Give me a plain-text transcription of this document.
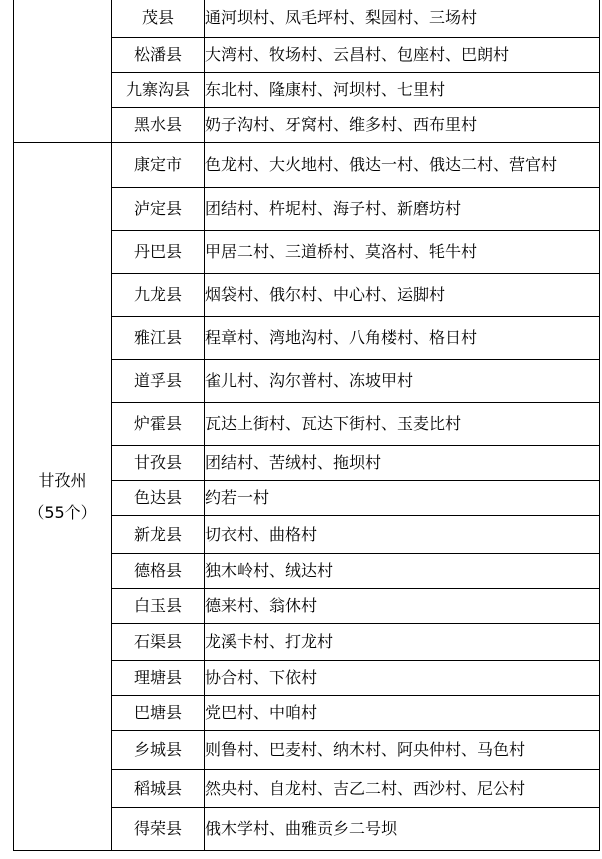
	茂县	通河坝村、凤毛坪村、梨园村、三场村
	松潘县	大湾村、牧场村、云昌村、包座村、巴朗村
	九寨沟县	东北村、隆康村、河坝村、七里村
	黑水县	奶子沟村、牙窝村、维多村、西布里村

甘孜州
（55个）	康定市	色龙村、大火地村、俄达一村、俄达二村、营官村
	泸定县	团结村、杵坭村、海子村、新磨坊村
	丹巴县	甲居二村、三道桥村、莫洛村、牦牛村
	九龙县	烟袋村、俄尔村、中心村、运脚村
	雅江县	程章村、湾地沟村、八角楼村、格日村
	道孚县	雀儿村、沟尔普村、冻坡甲村
	炉霍县	瓦达上街村、瓦达下街村、玉麦比村
	甘孜县	团结村、苦绒村、拖坝村
	色达县	约若一村
	新龙县	切衣村、曲格村
	德格县	独木岭村、绒达村
	白玉县	德来村、翁休村
	石渠县	龙溪卡村、打龙村
	理塘县	协合村、下依村
	巴塘县	党巴村、中咱村
	乡城县	则鲁村、巴麦村、纳木村、阿央仲村、马色村
	稻城县	然央村、自龙村、吉乙二村、西沙村、尼公村
	得荣县	俄木学村、曲雅贡乡二号坝
